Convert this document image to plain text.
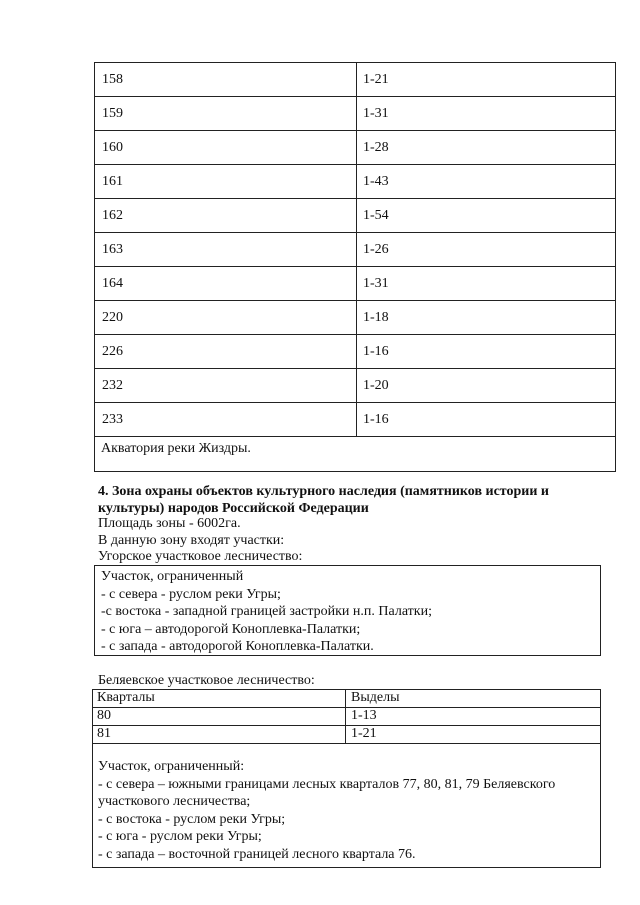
158	1-21
159	1-31
160	1-28
161	1-43
162	1-54
163	1-26
164	1-31
220	1-18
226	1-16
232	1-20
233	1-16
Акватория реки Жиздры.
4. Зона охраны объектов культурного наследия (памятников истории и
культуры) народов Российской Федерации
Площадь зоны - 6002га.
В данную зону входят участки:
Угорское участковое лесничество:
Участок, ограниченный
- с севера - руслом реки Угры;
-с востока - западной границей застройки н.п. Палатки;
- с юга – автодорогой Коноплевка-Палатки;
- с запада - автодорогой Коноплевка-Палатки.
Беляевское участковое лесничество:
Кварталы	Выделы
80	1-13
81	1-21
Участок, ограниченный:
- с севера – южными границами лесных кварталов 77, 80, 81, 79 Беляевского
участкового лесничества;
- с востока - руслом реки Угры;
- с юга - руслом реки Угры;
- с запада – восточной границей лесного квартала 76.
